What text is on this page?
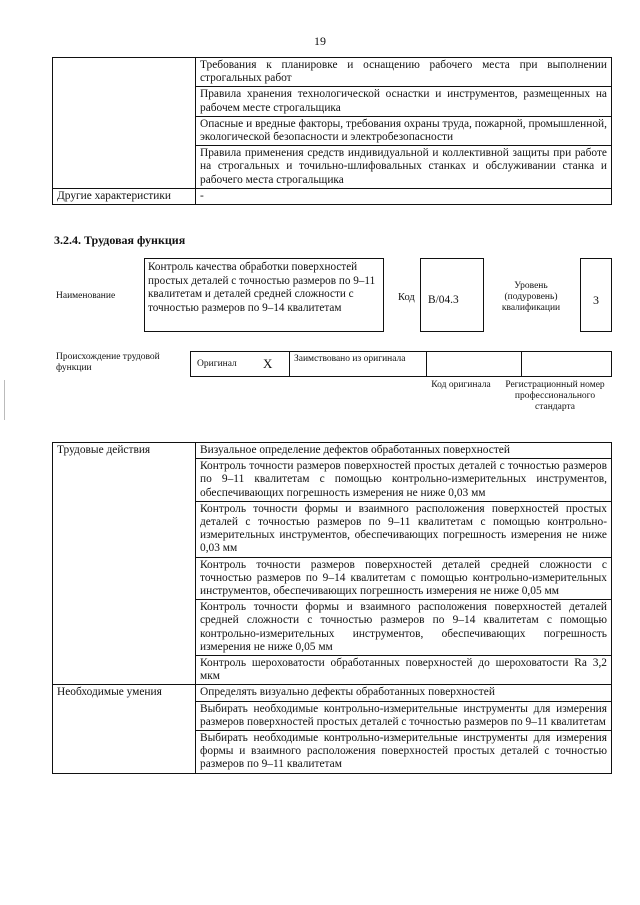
19
	Требования к планировке и оснащению рабочего места при выполнении строгальных работ
	Правила хранения технологической оснастки и инструментов, размещенных на рабочем месте строгальщика
	Опасные и вредные факторы, требования охраны труда, пожарной, промышленной, экологической безопасности и электробезопасности
	Правила применения средств индивидуальной и коллективной защиты при работе на строгальных и точильно-шлифовальных станках и обслуживании станка и рабочего места строгальщика
Другие характеристики	-
3.2.4. Трудовая функция
Наименование
Контроль качества обработки поверхностей простых деталей с точностью размеров по 9–11 квалитетам и деталей средней сложности с точностью размеров по 9–14 квалитетам
Код	В/04.3
Уровень (подуровень) квалификации
3
Происхождение трудовой функции	Оригинал X Заимствовано из оригинала
Код оригинала	Регистрационный номер профессионального стандарта
Трудовые действия	Визуальное определение дефектов обработанных поверхностей
	Контроль точности размеров поверхностей простых деталей с точностью размеров по 9–11 квалитетам с помощью контрольно-измерительных инструментов, обеспечивающих погрешность измерения не ниже 0,03 мм
	Контроль точности формы и взаимного расположения поверхностей простых деталей с точностью размеров по 9–11 квалитетам с помощью контрольно-измерительных инструментов, обеспечивающих погрешность измерения не ниже 0,03 мм
	Контроль точности размеров поверхностей деталей средней сложности с точностью размеров по 9–14 квалитетам с помощью контрольно-измерительных инструментов, обеспечивающих погрешность измерения не ниже 0,05 мм
	Контроль точности формы и взаимного расположения поверхностей деталей средней сложности с точностью размеров по 9–14 квалитетам с помощью контрольно-измерительных инструментов, обеспечивающих погрешность измерения не ниже 0,05 мм
	Контроль шероховатости обработанных поверхностей до шероховатости Ra 3,2 мкм
Необходимые умения	Определять визуально дефекты обработанных поверхностей
	Выбирать необходимые контрольно-измерительные инструменты для измерения размеров поверхностей простых деталей с точностью размеров по 9–11 квалитетам
	Выбирать необходимые контрольно-измерительные инструменты для измерения формы и взаимного расположения поверхностей простых деталей с точностью размеров по 9–11 квалитетам
